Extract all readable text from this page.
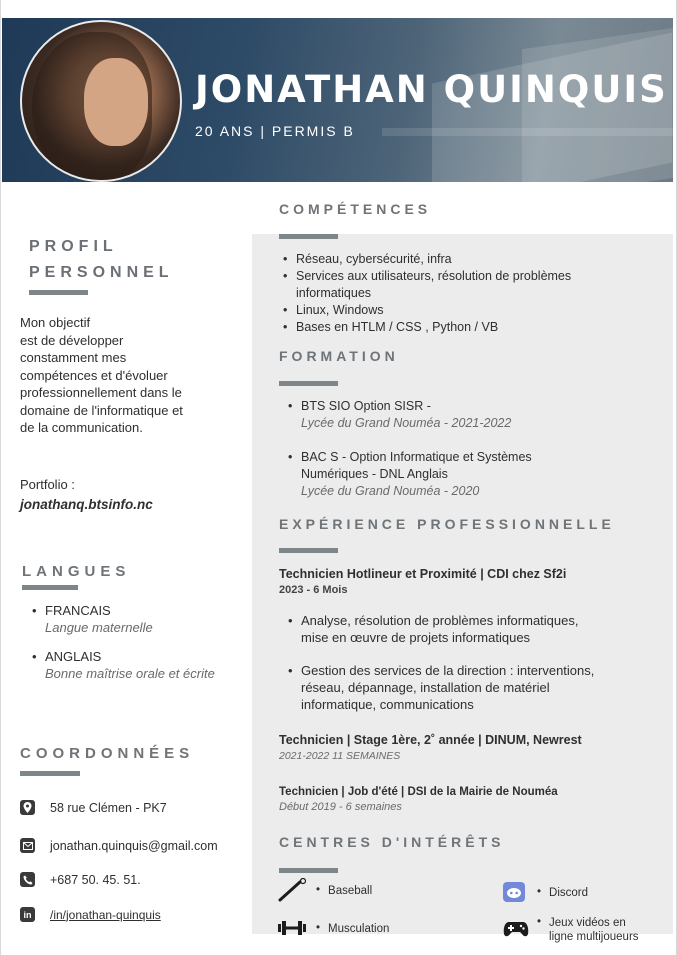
JONATHAN QUINQUIS
20 ANS | PERMIS B
PROFIL
PERSONNEL
Mon objectif
est de développer
constamment mes
compétences et d'évoluer
professionnellement dans le
domaine de l'informatique et
de la communication.
Portfolio :
jonathanq.btsinfo.nc
LANGUES
• FRANCAIS
Langue maternelle
• ANGLAIS
Bonne maîtrise orale et écrite
COORDONNÉES
58 rue Clémen - PK7
jonathan.quinquis@gmail.com
+687 50. 45. 51.
in /in/jonathan-quinquis
COMPÉTENCES
• Réseau, cybersécurité, infra
• Services aux utilisateurs, résolution de problèmes
informatiques
• Linux, Windows
• Bases en HTLM / CSS , Python / VB
FORMATION
• BTS SIO Option SISR -
Lycée du Grand Nouméa - 2021-2022
• BAC S - Option Informatique et Systèmes
Numériques - DNL Anglais
Lycée du Grand Nouméa - 2020
EXPÉRIENCE PROFESSIONNELLE
Technicien Hotlineur et Proximité | CDI chez Sf2i
2023 - 6 Mois
• Analyse, résolution de problèmes informatiques,
mise en œuvre de projets informatiques
• Gestion des services de la direction : interventions,
réseau, dépannage, installation de matériel
informatique, communications
Technicien | Stage 1ère, 2˚ année | DINUM, Newrest
2021-2022 11 SEMAINES
Technicien | Job d'été | DSI de la Mairie de Nouméa
Début 2019 - 6 semaines
CENTRES D'INTÉRÊTS
• Baseball	• Discord
• Musculation
• Jeux vidéos en
ligne multijoueurs
